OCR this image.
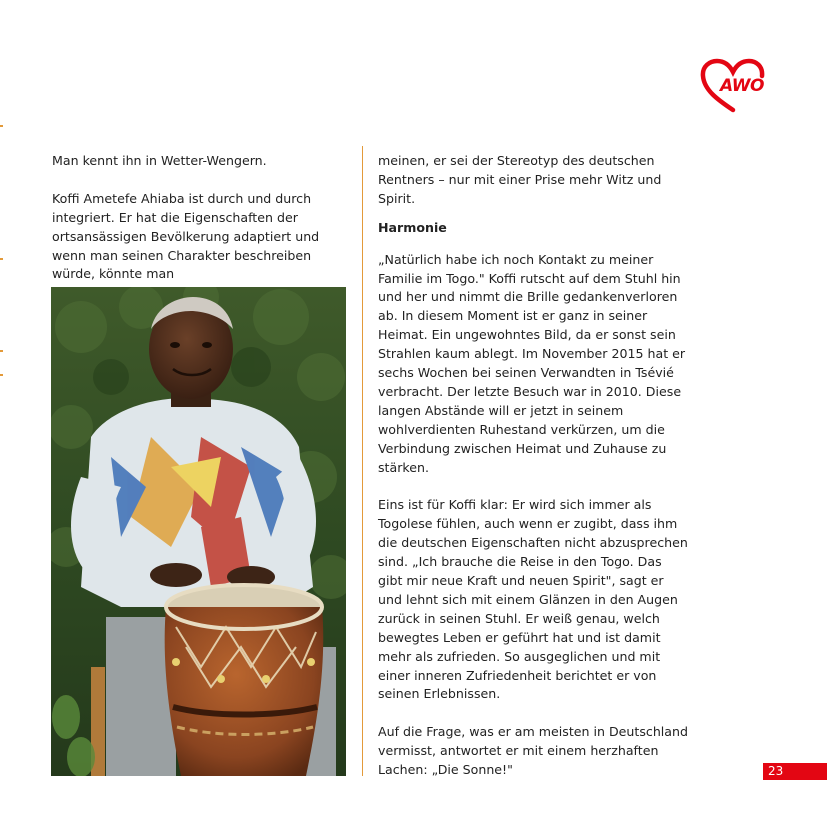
AWO

Man kennt ihn in Wetter-Wengern.

Koffi Ametefe Ahiaba ist durch und durch integriert. Er hat die Eigenschaften der ortsansässigen Bevölkerung adaptiert und wenn man seinen Charakter beschreiben würde, könnte man

meinen, er sei der Stereotyp des deutschen Rentners – nur mit einer Prise mehr Witz und Spirit.

Harmonie

„Natürlich habe ich noch Kontakt zu meiner Familie im Togo." Koffi rutscht auf dem Stuhl hin und her und nimmt die Brille gedankenverloren ab. In diesem Moment ist er ganz in seiner Heimat. Ein ungewohntes Bild, da er sonst sein Strahlen kaum ablegt. Im November 2015 hat er sechs Wochen bei seinen Verwandten in Tsévié verbracht. Der letzte Besuch war in 2010. Diese langen Abstände will er jetzt in seinem wohlverdienten Ruhestand verkürzen, um die Verbindung zwischen Heimat und Zuhause zu stärken.

Eins ist für Koffi klar: Er wird sich immer als Togolese fühlen, auch wenn er zugibt, dass ihm die deutschen Eigenschaften nicht abzusprechen sind. „Ich brauche die Reise in den Togo. Das gibt mir neue Kraft und neuen Spirit", sagt er und lehnt sich mit einem Glänzen in den Augen zurück in seinen Stuhl. Er weiß genau, welch bewegtes Leben er geführt hat und ist damit mehr als zufrieden. So ausgeglichen und mit einer inneren Zufriedenheit berichtet er von seinen Erlebnissen.

Auf die Frage, was er am meisten in Deutschland vermisst, antwortet er mit einem herzhaften Lachen: „Die Sonne!"	23
